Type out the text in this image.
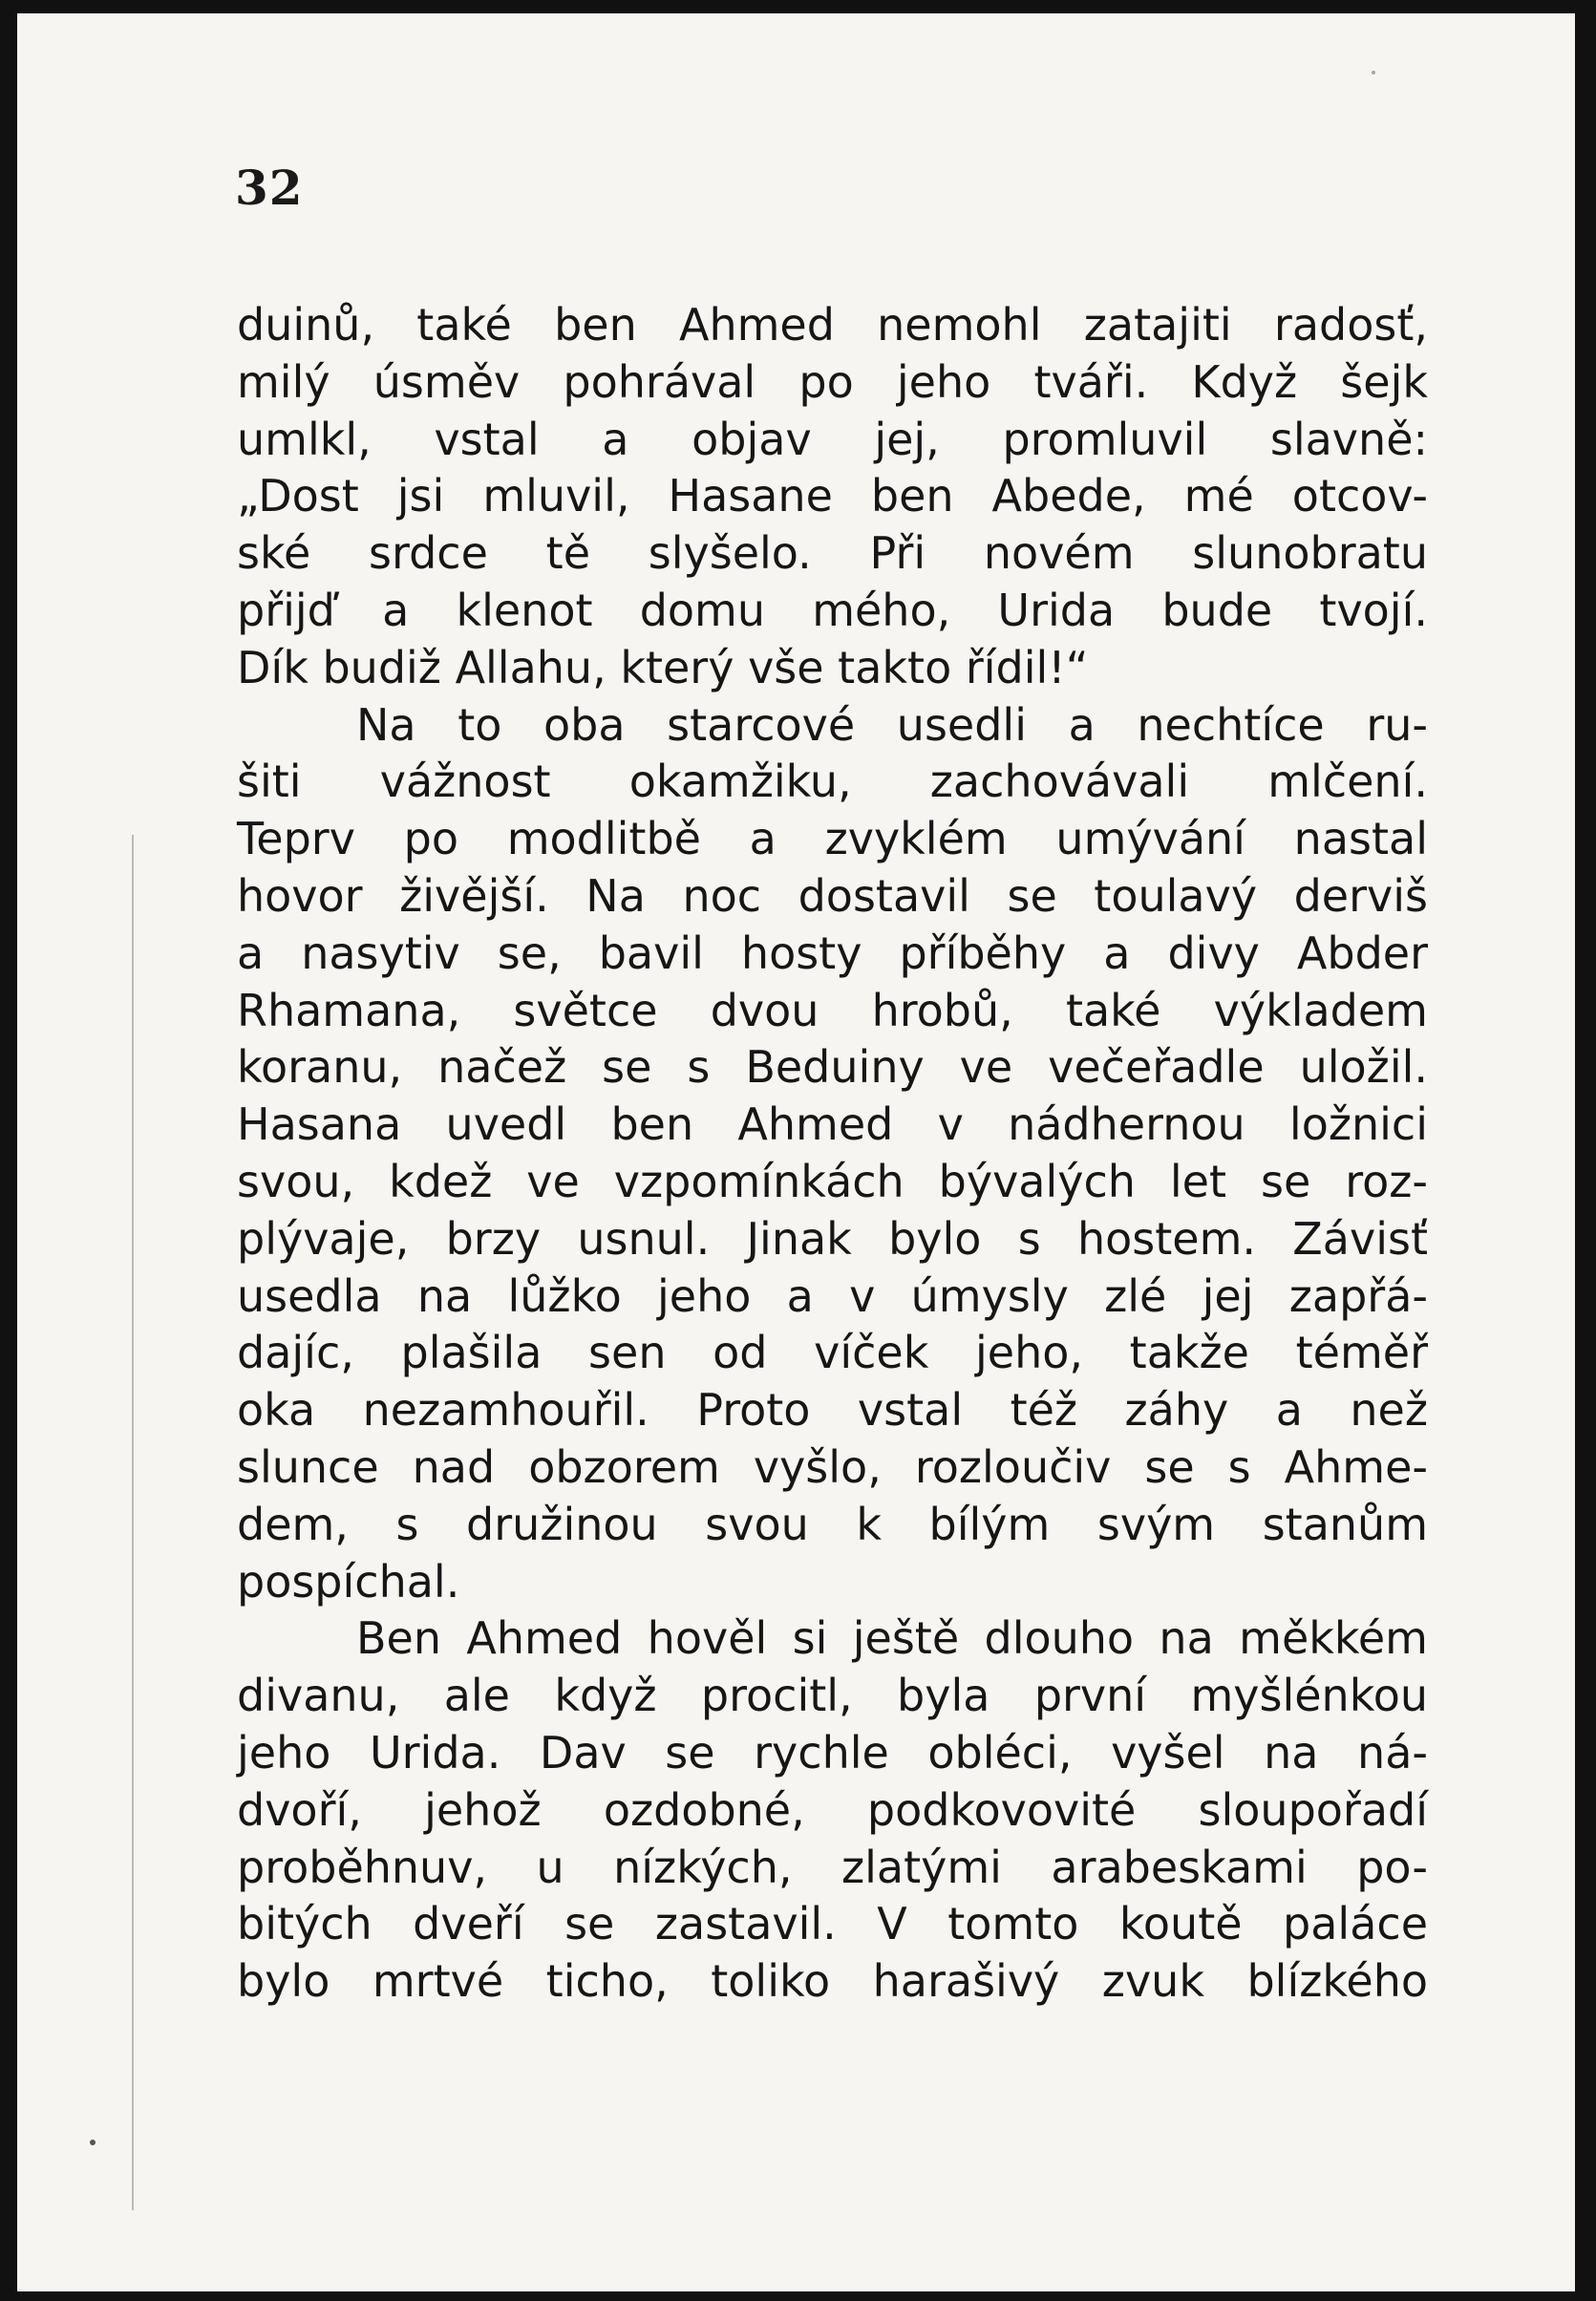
32
duinů, také ben Ahmed nemohl zatajiti radosť,
milý úsměv pohrával po jeho tváři. Když šejk
umlkl, vstal a objav jej, promluvil slavně:
„Dost jsi mluvil, Hasane ben Abede, mé otcov-
ské srdce tě slyšelo. Při novém slunobratu
přijď a klenot domu mého, Urida bude tvojí.
Dík budiž Allahu, který vše takto řídil!“
Na to oba starcové usedli a nechtíce ru-
šiti vážnost okamžiku, zachovávali mlčení.
Teprv po modlitbě a zvyklém umývání nastal
hovor živější. Na noc dostavil se toulavý derviš
a nasytiv se, bavil hosty příběhy a divy Abder
Rhamana, světce dvou hrobů, také výkladem
koranu, načež se s Beduiny ve večeřadle uložil.
Hasana uvedl ben Ahmed v nádhernou ložnici
svou, kdež ve vzpomínkách bývalých let se roz-
plývaje, brzy usnul. Jinak bylo s hostem. Závisť
usedla na lůžko jeho a v úmysly zlé jej zapřá-
dajíc, plašila sen od víček jeho, takže téměř
oka nezamhouřil. Proto vstal též záhy a než
slunce nad obzorem vyšlo, rozloučiv se s Ahme-
dem, s družinou svou k bílým svým stanům
pospíchal.
Ben Ahmed hověl si ještě dlouho na měkkém
divanu, ale když procitl, byla první myšlénkou
jeho Urida. Dav se rychle obléci, vyšel na ná-
dvoří, jehož ozdobné, podkovovité sloupořadí
proběhnuv, u nízkých, zlatými arabeskami po-
bitých dveří se zastavil. V tomto koutě paláce
bylo mrtvé ticho, toliko harašivý zvuk blízkého
